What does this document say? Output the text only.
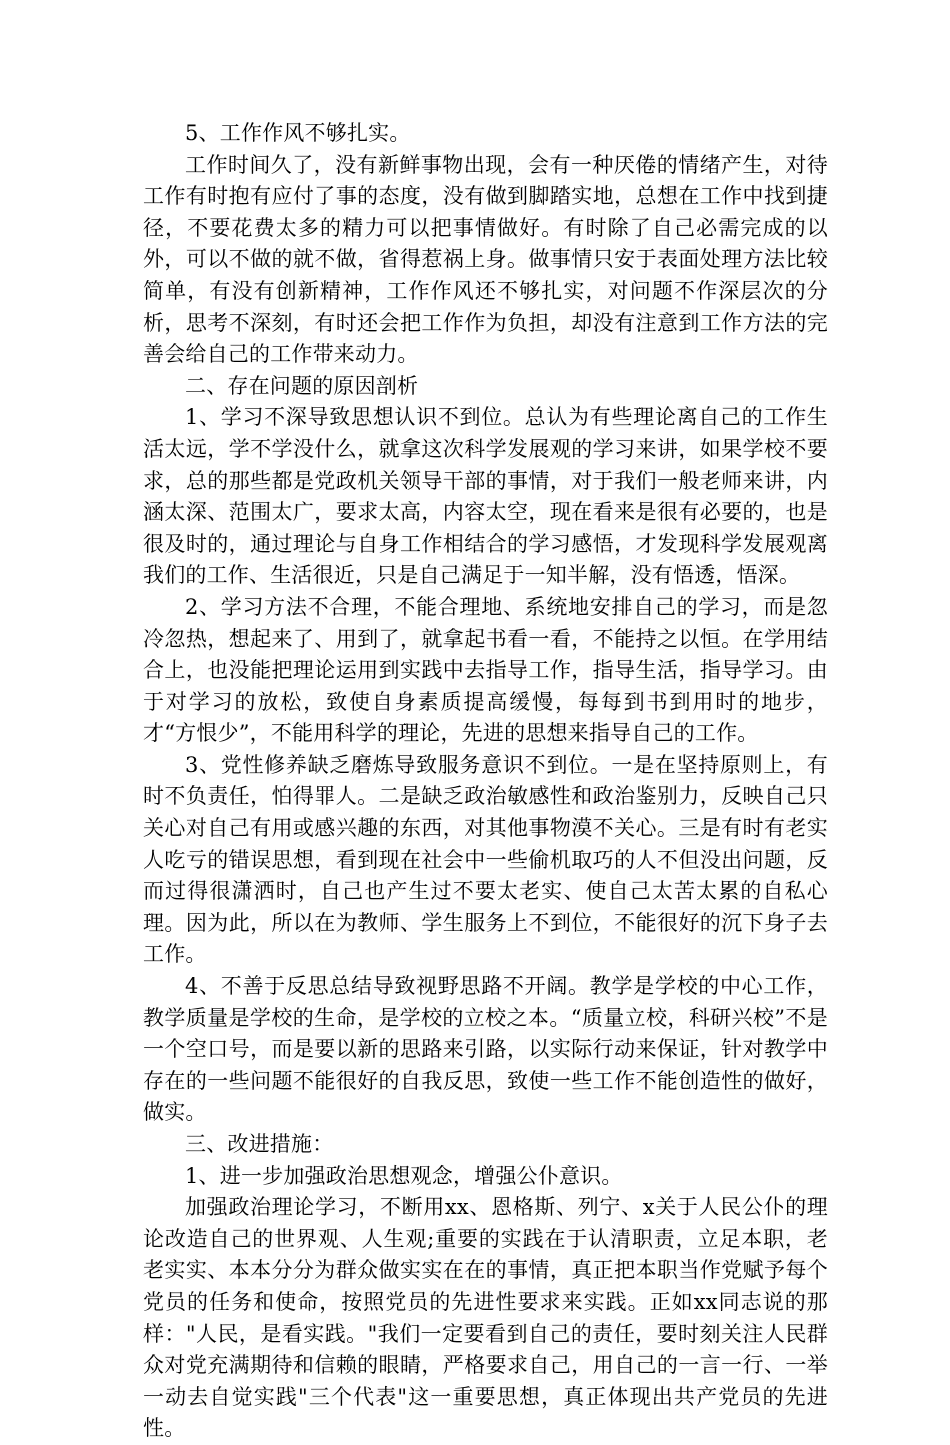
5、工作作风不够扎实。

工作时间久了，没有新鲜事物出现，会有一种厌倦的情绪产生，对待工作有时抱有应付了事的态度，没有做到脚踏实地，总想在工作中找到捷径，不要花费太多的精力可以把事情做好。有时除了自己必需完成的以外，可以不做的就不做，省得惹祸上身。做事情只安于表面处理方法比较简单，有没有创新精神，工作作风还不够扎实，对问题不作深层次的分析，思考不深刻，有时还会把工作作为负担，却没有注意到工作方法的完善会给自己的工作带来动力。

二、存在问题的原因剖析

1、学习不深导致思想认识不到位。总认为有些理论离自己的工作生活太远，学不学没什么，就拿这次科学发展观的学习来讲，如果学校不要求，总的那些都是党政机关领导干部的事情，对于我们一般老师来讲，内涵太深、范围太广，要求太高，内容太空，现在看来是很有必要的，也是很及时的，通过理论与自身工作相结合的学习感悟，才发现科学发展观离我们的工作、生活很近，只是自己满足于一知半解，没有悟透，悟深。

2、学习方法不合理，不能合理地、系统地安排自己的学习，而是忽冷忽热，想起来了、用到了，就拿起书看一看，不能持之以恒。在学用结合上，也没能把理论运用到实践中去指导工作，指导生活，指导学习。由于对学习的放松，致使自身素质提高缓慢，每每到书到用时的地步，才“方恨少”，不能用科学的理论，先进的思想来指导自己的工作。

3、党性修养缺乏磨炼导致服务意识不到位。一是在坚持原则上，有时不负责任，怕得罪人。二是缺乏政治敏感性和政治鉴别力，反映自己只关心对自己有用或感兴趣的东西，对其他事物漠不关心。三是有时有老实人吃亏的错误思想，看到现在社会中一些偷机取巧的人不但没出问题，反而过得很潇洒时，自己也产生过不要太老实、使自己太苦太累的自私心理。因为此，所以在为教师、学生服务上不到位，不能很好的沉下身子去工作。

4、不善于反思总结导致视野思路不开阔。教学是学校的中心工作，教学质量是学校的生命，是学校的立校之本。“质量立校，科研兴校”不是一个空口号，而是要以新的思路来引路，以实际行动来保证，针对教学中存在的一些问题不能很好的自我反思，致使一些工作不能创造性的做好，做实。

三、改进措施：

1、进一步加强政治思想观念，增强公仆意识。

加强政治理论学习，不断用xx、恩格斯、列宁、x关于人民公仆的理论改造自己的世界观、人生观;重要的实践在于认清职责，立足本职，老老实实、本本分分为群众做实实在在的事情，真正把本职当作党赋予每个党员的任务和使命，按照党员的先进性要求来实践。正如xx同志说的那样："人民，是看实践。"我们一定要看到自己的责任，要时刻关注人民群众对党充满期待和信赖的眼睛，严格要求自己，用自己的一言一行、一举一动去自觉实践"三个代表"这一重要思想，真正体现出共产党员的先进性。
